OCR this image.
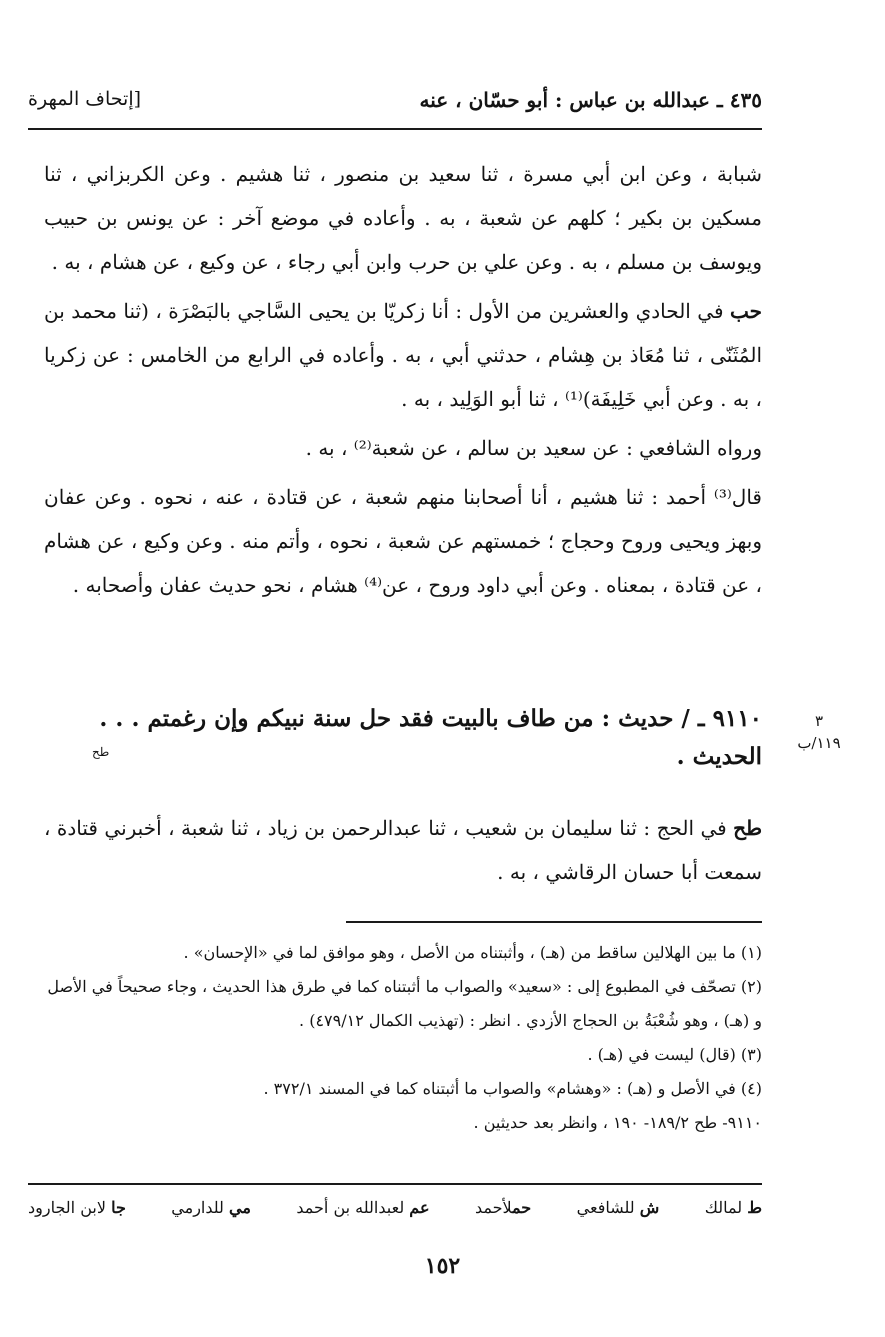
٤٣٥ ـ عبدالله بن عباس : أبو حسّان ، عنه
[إتحاف المهرة

شبابة ، وعن ابن أبي مسرة ، ثنا سعيد بن منصور ، ثنا هشيم . وعن الكربزاني ، ثنا مسكين بن بكير ؛ كلهم عن شعبة ، به . وأعاده في موضع آخر : عن يونس بن حبيب ويوسف بن مسلم ، به . وعن علي بن حرب وابن أبي رجاء ، عن وكيع ، عن هشام ، به .

حب في الحادي والعشرين من الأول : أنا زكريّا بن يحيى السَّاجي بالبَصْرَة ، (ثنا محمد بن المُثَنّى ، ثنا مُعَاذ بن هِشام ، حدثني أبي ، به . وأعاده في الرابع من الخامس : عن زكريا ، به . وعن أبي خَلِيفَة)⁽¹⁾ ، ثنا أبو الوَلِيد ، به .

ورواه الشافعي : عن سعيد بن سالم ، عن شعبة⁽²⁾ ، به .

قال⁽³⁾ أحمد : ثنا هشيم ، أنا أصحابنا منهم شعبة ، عن قتادة ، عنه ، نحوه . وعن عفان وبهز ويحيى وروح وحجاج ؛ خمستهم عن شعبة ، نحوه ، وأتم منه . وعن وكيع ، عن هشام ، عن قتادة ، بمعناه . وعن أبي داود وروح ، عن⁽⁴⁾ هشام ، نحو حديث عفان وأصحابه .

٣
١١٩/ب

٩١١٠ ـ / حديث : من طاف بالبيت فقد حل سنة نبيكم وإن رغمتم . . . الحديث .

طح

طح في الحج : ثنا سليمان بن شعيب ، ثنا عبدالرحمن بن زياد ، ثنا شعبة ، أخبرني قتادة ، سمعت أبا حسان الرقاشي ، به .

(١) ما بين الهلالين ساقط من (هـ) ، وأثبتناه من الأصل ، وهو موافق لما في «الإحسان» .

(٢) تصحّف في المطبوع إلى : «سعيد» والصواب ما أثبتناه كما في طرق هذا الحديث ، وجاء صحيحاً في الأصل و (هـ) ، وهو شُعْبَةُ بن الحجاج الأزدي . انظر : (تهذيب الكمال ٤٧٩/١٢) .

(٣) (قال) ليست في (هـ) .

(٤) في الأصل و (هـ) : «وهشام» والصواب ما أثبتناه كما في المسند ٣٧٢/١ .

٩١١٠- طح ١٨٩/٢- ١٩٠ ، وانظر بعد حديثين .

ط لمالك
ش للشافعي
حملأحمد
عم لعبدالله بن أحمد
مي للدارمي
جا لابن الجارود
١٥٢
